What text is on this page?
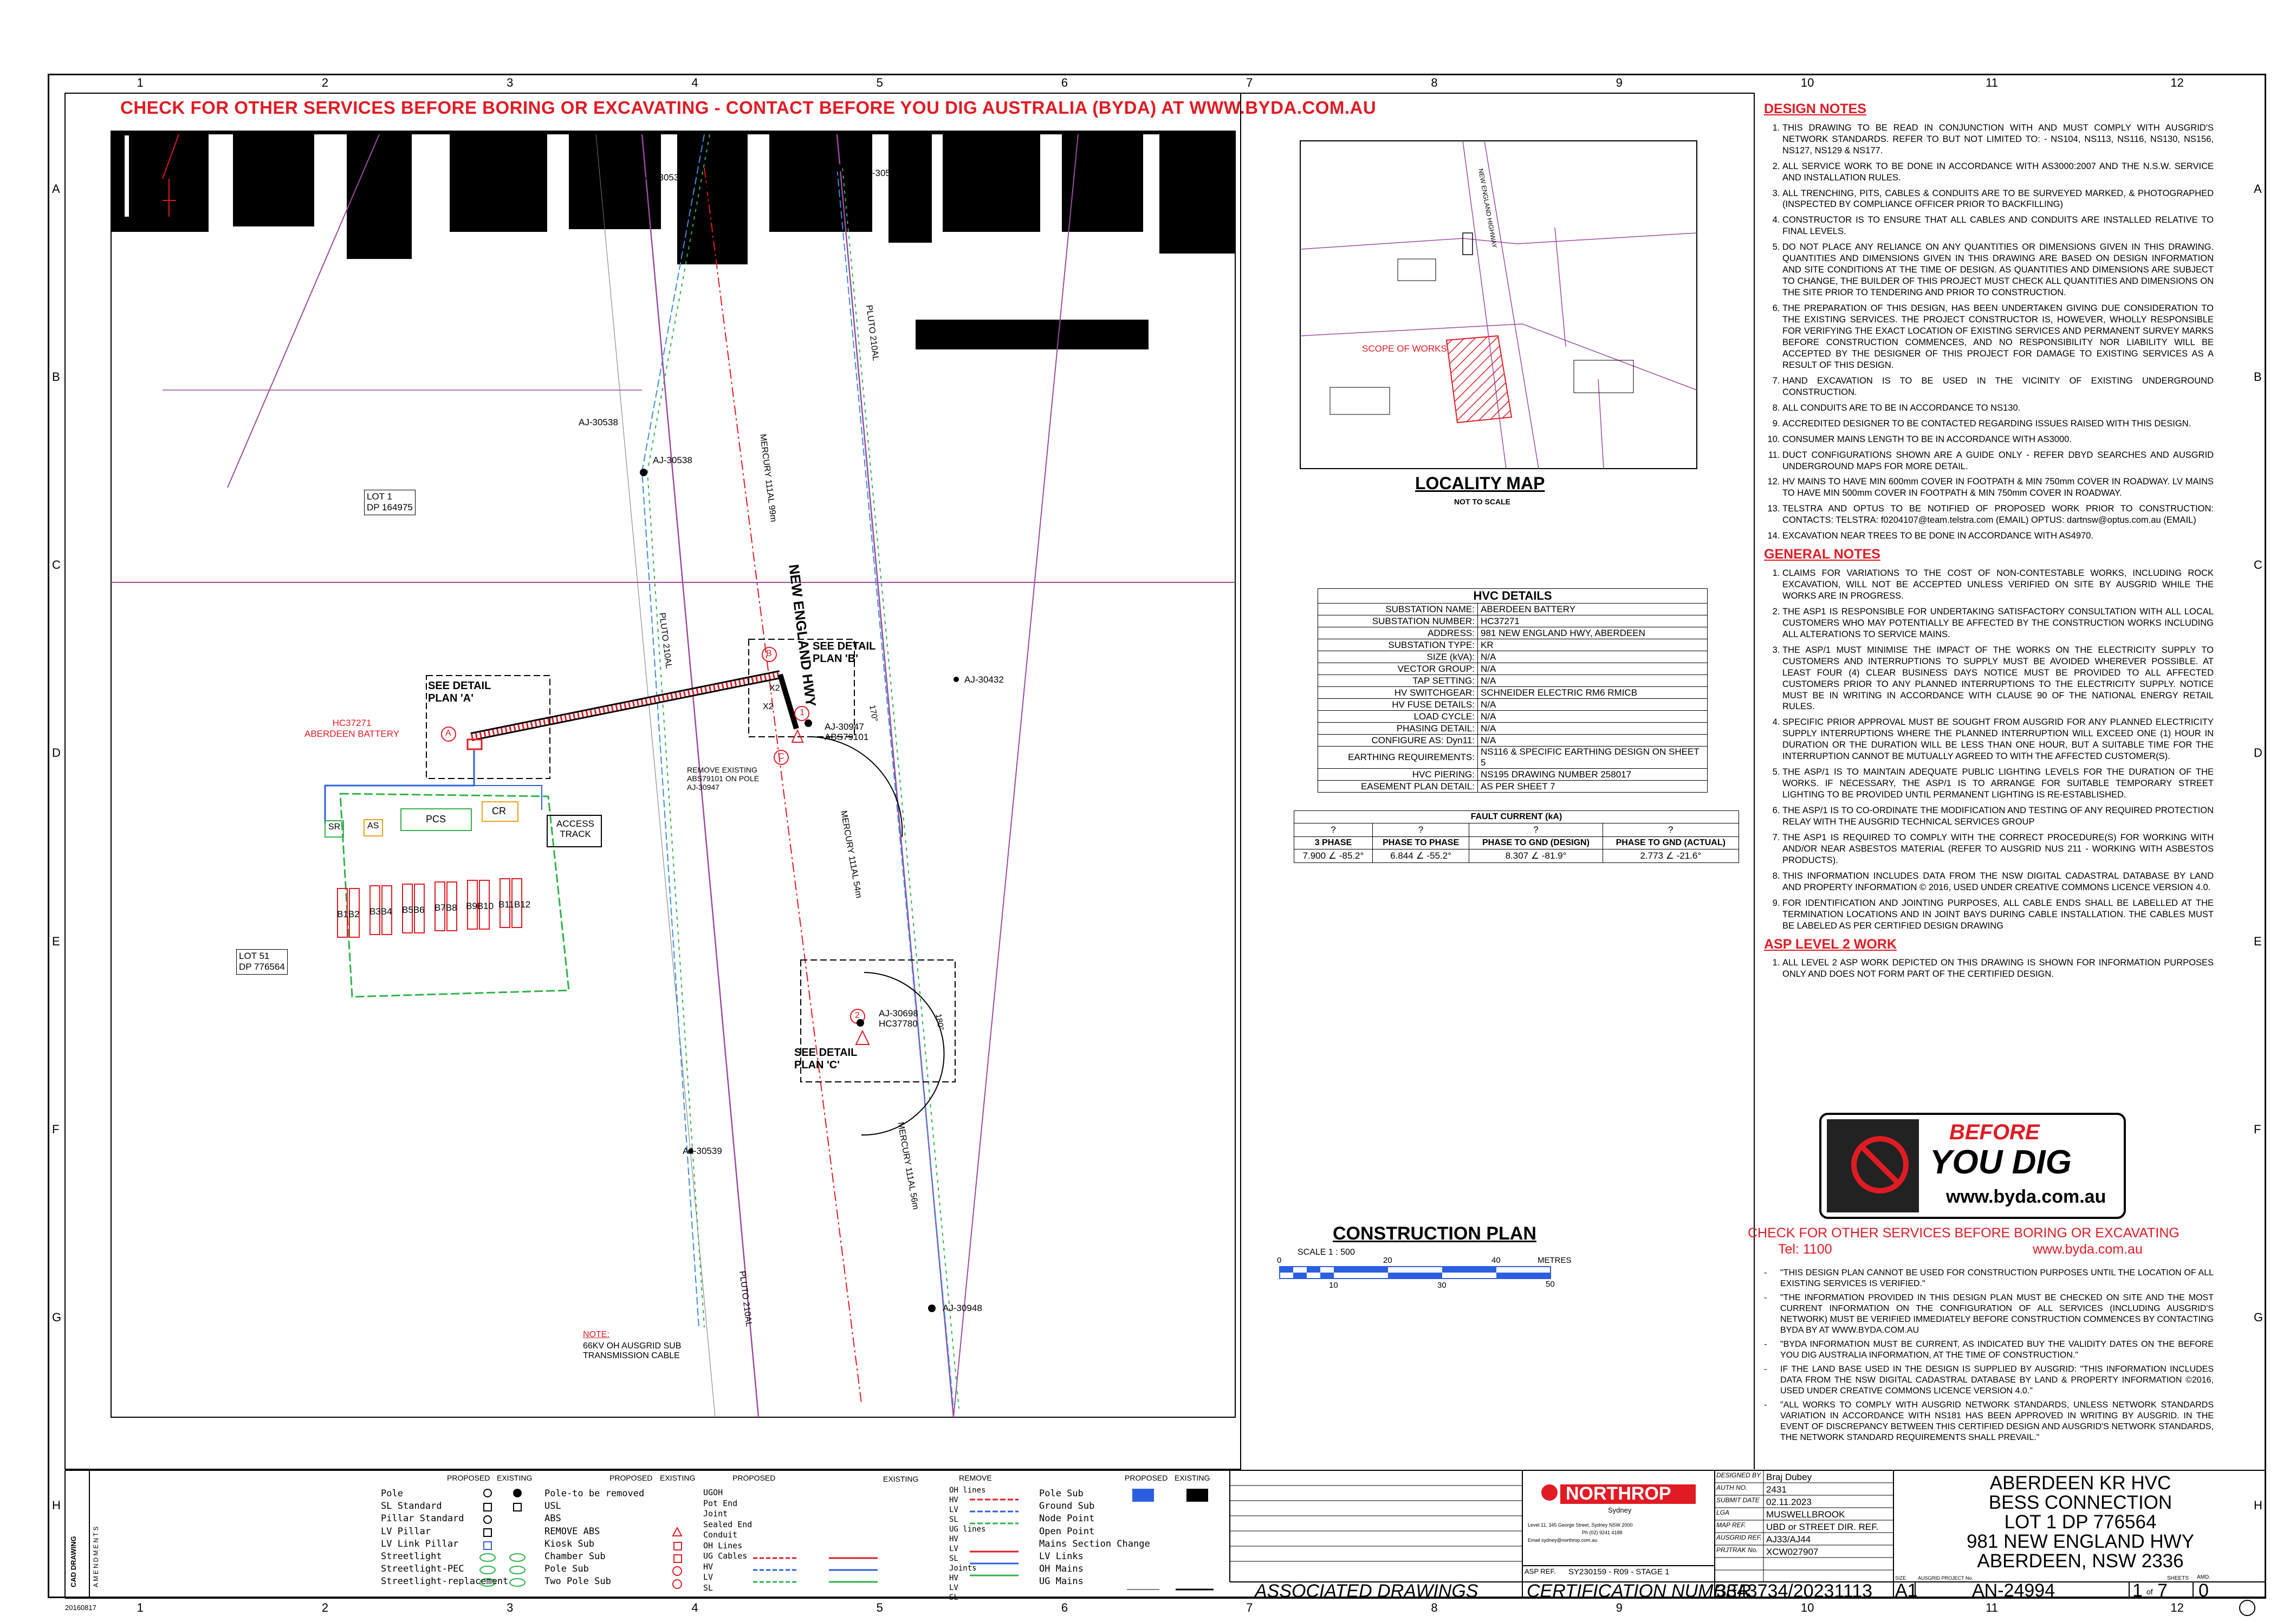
1
1
2
2
3
3
4
4
5
5
6
6
7
7
8
8
9
9
10
10
11
11
12
12
A	A
B	B
C	C
D	D
E	E
F	F
G	G
H	H
CHECK FOR OTHER SERVICES BEFORE BORING OR EXCAVATING - CONTACT BEFORE YOU DIG AUSTRALIA (BYDA) AT WWW.BYDA.COM.AU
LOT 1
DP 164975
LOT 51
DP 776564
NEW ENGLAND HWY
AJ-30537	AJ-30536
AJ-30538
AJ-30538
AJ-30432
AJ-30539
AJ-30948
AJ-30947
ABS79101
AJ-30698
HC37780
HC37271
ABERDEEN BATTERY
SEE DETAIL PLAN 'A'
SEE DETAIL PLAN 'B'
SEE DETAIL PLAN 'C'
REMOVE EXISTING ABS79101 ON POLE AJ-30947
NOTE:
66KV OH AUSGRID SUB TRANSMISSION CABLE
PLUTO 210AL
PLUTO 210AL
PLUTO 210AL
MERCURY 111AL 99m
MERCURY 111AL 54m
MERCURY 111AL 56m
SR	AS
PCS
CR
ACCESS TRACK
B1B2 B3B4 B5B6 B7B8 B9B10 B11B12
A
B
C
1
2
X2
X2	170°
180°
NEW ENGLAND HIGHWAY
SCOPE OF WORKS
LOCALITY MAP
NOT TO SCALE
HVC DETAILS	
SUBSTATION NAME:	ABERDEEN BATTERY
SUBSTATION NUMBER:	HC37271
ADDRESS:	981 NEW ENGLAND HWY, ABERDEEN
SUBSTATION TYPE:	KR
SIZE (kVA):	N/A
VECTOR GROUP:	N/A
TAP SETTING:	N/A
HV SWITCHGEAR:	SCHNEIDER ELECTRIC RM6 RMICB
HV FUSE DETAILS:	N/A
LOAD CYCLE:	N/A
PHASING DETAIL:	N/A
CONFIGURE AS: Dyn11:	N/A
EARTHING REQUIREMENTS:	NS116 & SPECIFIC EARTHING DESIGN ON SHEET 5
HVC PIERING:	NS195 DRAWING NUMBER 258017
EASEMENT PLAN DETAIL:	AS PER SHEET 7
FAULT CURRENT (kA)			
?	?	?	?
3 PHASE	PHASE TO PHASE	PHASE TO GND (DESIGN)	PHASE TO GND (ACTUAL)
7.900 ∠ -85.2°	6.844 ∠ -55.2°	8.307 ∠ -81.9°	2.773 ∠ -21.6°
CONSTRUCTION PLAN
SCALE 1 : 500
METRES
0	20	40
50
10	30
DESIGN NOTES
1. THIS DRAWING TO BE READ IN CONJUNCTION WITH AND MUST COMPLY WITH AUSGRID'S NETWORK STANDARDS. REFER TO BUT NOT LIMITED TO: - NS104, NS113, NS116, NS130, NS156, NS127, NS129 & NS177.
2. ALL SERVICE WORK TO BE DONE IN ACCORDANCE WITH AS3000:2007 AND THE N.S.W. SERVICE AND INSTALLATION RULES.
3. ALL TRENCHING, PITS, CABLES & CONDUITS ARE TO BE SURVEYED MARKED, & PHOTOGRAPHED (INSPECTED BY COMPLIANCE OFFICER PRIOR TO BACKFILLING)
4. CONSTRUCTOR IS TO ENSURE THAT ALL CABLES AND CONDUITS ARE INSTALLED RELATIVE TO FINAL LEVELS.
5. DO NOT PLACE ANY RELIANCE ON ANY QUANTITIES OR DIMENSIONS GIVEN IN THIS DRAWING. QUANTITIES AND DIMENSIONS GIVEN IN THIS DRAWING ARE BASED ON DESIGN INFORMATION AND SITE CONDITIONS AT THE TIME OF DESIGN. AS QUANTITIES AND DIMENSIONS ARE SUBJECT TO CHANGE, THE BUILDER OF THIS PROJECT MUST CHECK ALL QUANTITIES AND DIMENSIONS ON THE SITE PRIOR TO TENDERING AND PRIOR TO CONSTRUCTION.
6. THE PREPARATION OF THIS DESIGN, HAS BEEN UNDERTAKEN GIVING DUE CONSIDERATION TO THE EXISTING SERVICES. THE PROJECT CONSTRUCTOR IS, HOWEVER, WHOLLY RESPONSIBLE FOR VERIFYING THE EXACT LOCATION OF EXISTING SERVICES AND PERMANENT SURVEY MARKS BEFORE CONSTRUCTION COMMENCES, AND NO RESPONSIBILITY NOR LIABILITY WILL BE ACCEPTED BY THE DESIGNER OF THIS PROJECT FOR DAMAGE TO EXISTING SERVICES AS A RESULT OF THIS DESIGN.
7. HAND EXCAVATION IS TO BE USED IN THE VICINITY OF EXISTING UNDERGROUND CONSTRUCTION.
8. ALL CONDUITS ARE TO BE IN ACCORDANCE TO NS130.
9. ACCREDITED DESIGNER TO BE CONTACTED REGARDING ISSUES RAISED WITH THIS DESIGN.
10. CONSUMER MAINS LENGTH TO BE IN ACCORDANCE WITH AS3000.
11. DUCT CONFIGURATIONS SHOWN ARE A GUIDE ONLY - REFER DBYD SEARCHES AND AUSGRID UNDERGROUND MAPS FOR MORE DETAIL.
12. HV MAINS TO HAVE MIN 600mm COVER IN FOOTPATH & MIN 750mm COVER IN ROADWAY. LV MAINS TO HAVE MIN 500mm COVER IN FOOTPATH & MIN 750mm COVER IN ROADWAY.
13. TELSTRA AND OPTUS TO BE NOTIFIED OF PROPOSED WORK PRIOR TO CONSTRUCTION: CONTACTS: TELSTRA: f0204107@team.telstra.com (EMAIL) OPTUS: dartnsw@optus.com.au (EMAIL)
14. EXCAVATION NEAR TREES TO BE DONE IN ACCORDANCE WITH AS4970.
GENERAL NOTES
1. CLAIMS FOR VARIATIONS TO THE COST OF NON-CONTESTABLE WORKS, INCLUDING ROCK EXCAVATION, WILL NOT BE ACCEPTED UNLESS VERIFIED ON SITE BY AUSGRID WHILE THE WORKS ARE IN PROGRESS.
2. THE ASP1 IS RESPONSIBLE FOR UNDERTAKING SATISFACTORY CONSULTATION WITH ALL LOCAL CUSTOMERS WHO MAY POTENTIALLY BE AFFECTED BY THE CONSTRUCTION WORKS INCLUDING ALL ALTERATIONS TO SERVICE MAINS.
3. THE ASP/1 MUST MINIMISE THE IMPACT OF THE WORKS ON THE ELECTRICITY SUPPLY TO CUSTOMERS AND INTERRUPTIONS TO SUPPLY MUST BE AVOIDED WHEREVER POSSIBLE. AT LEAST FOUR (4) CLEAR BUSINESS DAYS NOTICE MUST BE PROVIDED TO ALL AFFECTED CUSTOMERS PRIOR TO ANY PLANNED INTERRUPTIONS TO THE ELECTRICITY SUPPLY. NOTICE MUST BE IN WRITING IN ACCORDANCE WITH CLAUSE 90 OF THE NATIONAL ENERGY RETAIL RULES.
4. SPECIFIC PRIOR APPROVAL MUST BE SOUGHT FROM AUSGRID FOR ANY PLANNED ELECTRICITY SUPPLY INTERRUPTIONS WHERE THE PLANNED INTERRUPTION WILL EXCEED ONE (1) HOUR IN DURATION OR THE DURATION WILL BE LESS THAN ONE HOUR, BUT A SUITABLE TIME FOR THE INTERRUPTION CANNOT BE MUTUALLY AGREED TO WITH THE AFFECTED CUSTOMER(S).
5. THE ASP/1 IS TO MAINTAIN ADEQUATE PUBLIC LIGHTING LEVELS FOR THE DURATION OF THE WORKS. IF NECESSARY, THE ASP/1 IS TO ARRANGE FOR SUITABLE TEMPORARY STREET LIGHTING TO BE PROVIDED UNTIL PERMANENT LIGHTING IS RE-ESTABLISHED.
6. THE ASP/1 IS TO CO-ORDINATE THE MODIFICATION AND TESTING OF ANY REQUIRED PROTECTION RELAY WITH THE AUSGRID TECHNICAL SERVICES GROUP
7. THE ASP1 IS REQUIRED TO COMPLY WITH THE CORRECT PROCEDURE(S) FOR WORKING WITH AND/OR NEAR ASBESTOS MATERIAL (REFER TO AUSGRID NUS 211 - WORKING WITH ASBESTOS PRODUCTS).
8. THIS INFORMATION INCLUDES DATA FROM THE NSW DIGITAL CADASTRAL DATABASE BY LAND AND PROPERTY INFORMATION © 2016, USED UNDER CREATIVE COMMONS LICENCE VERSION 4.0.
9. FOR IDENTIFICATION AND JOINTING PURPOSES, ALL CABLE ENDS SHALL BE LABELLED AT THE TERMINATION LOCATIONS AND IN JOINT BAYS DURING CABLE INSTALLATION. THE CABLES MUST BE LABELED AS PER CERTIFIED DESIGN DRAWING
ASP LEVEL 2 WORK
1. ALL LEVEL 2 ASP WORK DEPICTED ON THIS DRAWING IS SHOWN FOR INFORMATION PURPOSES ONLY AND DOES NOT FORM PART OF THE CERTIFIED DESIGN.
BEFORE
YOU DIG
www.byda.com.au
CHECK FOR OTHER SERVICES BEFORE BORING OR EXCAVATING
Tel: 1100	www.byda.com.au
- "THIS DESIGN PLAN CANNOT BE USED FOR CONSTRUCTION PURPOSES UNTIL THE LOCATION OF ALL EXISTING SERVICES IS VERIFIED."
- "THE INFORMATION PROVIDED IN THIS DESIGN PLAN MUST BE CHECKED ON SITE AND THE MOST CURRENT INFORMATION ON THE CONFIGURATION OF ALL SERVICES (INCLUDING AUSGRID'S NETWORK) MUST BE VERIFIED IMMEDIATELY BEFORE CONSTRUCTION COMMENCES BY CONTACTING BYDA BY AT WWW.BYDA.COM.AU
- "BYDA INFORMATION MUST BE CURRENT, AS INDICATED BUY THE VALIDITY DATES ON THE BEFORE YOU DIG AUSTRALIA INFORMATION, AT THE TIME OF CONSTRUCTION."
- IF THE LAND BASE USED IN THE DESIGN IS SUPPLIED BY AUSGRID: "THIS INFORMATION INCLUDES DATA FROM THE NSW DIGITAL CADASTRAL DATABASE BY LAND & PROPERTY INFORMATION ©2016, USED UNDER CREATIVE COMMONS LICENCE VERSION 4.0."
- "ALL WORKS TO COMPLY WITH AUSGRID NETWORK STANDARDS, UNLESS NETWORK STANDARDS VARIATION IN ACCORDANCE WITH NS181 HAS BEEN APPROVED IN WRITING BY AUSGRID. IN THE EVENT OF DISCREPANCY BETWEEN THIS CERTIFIED DESIGN AND AUSGRID'S NETWORK STANDARDS, THE NETWORK STANDARD REQUIREMENTS SHALL PREVAIL."
PROPOSED EXISTING	PROPOSED EXISTING	PROPOSED	EXISTING	REMOVE	PROPOSED EXISTING
Pole
SL Standard
Pillar Standard
LV Pillar
LV Link Pillar
Streetlight
Streetlight-PEC
Streetlight-replacement
Pole-to be removed
USL
ABS
REMOVE ABS
Kiosk Sub
Chamber Sub
Pole Sub
Two Pole Sub
UGOH
Pot End
Joint
Sealed End
Conduit
OH Lines
UG Cables
HV
LV
SL
OH lines
HV
LV
SL
UG lines
HV
LV
SL
Joints
HV
LV
SL
Pole Sub
Ground Sub
Node Point
Open Point
Mains Section Change
LV Links
OH Mains
UG Mains
CAD DRAWING AMENDMENTS
20160817
ASSOCIATED DRAWINGS
NORTHROP
Sydney
Level 11, 345 George Street, Sydney NSW 2000
Ph (02) 9241 4188
Email sydney@northrop.com.au
ASP REF. SY230159 - R09 - STAGE 1
CERTIFICATION NUMBER
3343734/20231113
DESIGNED BY Braj Dubey
AUTH NO. 2431
SUBMIT DATE 02.11.2023
LGA	MUSWELLBROOK
MAP REF. UBD or STREET DIR. REF.
AUSGRID REF. AJ33/AJ44
PRJTRAK No. XCW027907
ABERDEEN KR HVC
BESS CONNECTION
LOT 1 DP 776564
981 NEW ENGLAND HWY
ABERDEEN, NSW 2336
SIZE
A1
AUSGRID PROJECT No.
AN-24994
SHEETS
1 of 7
AMD.
0
